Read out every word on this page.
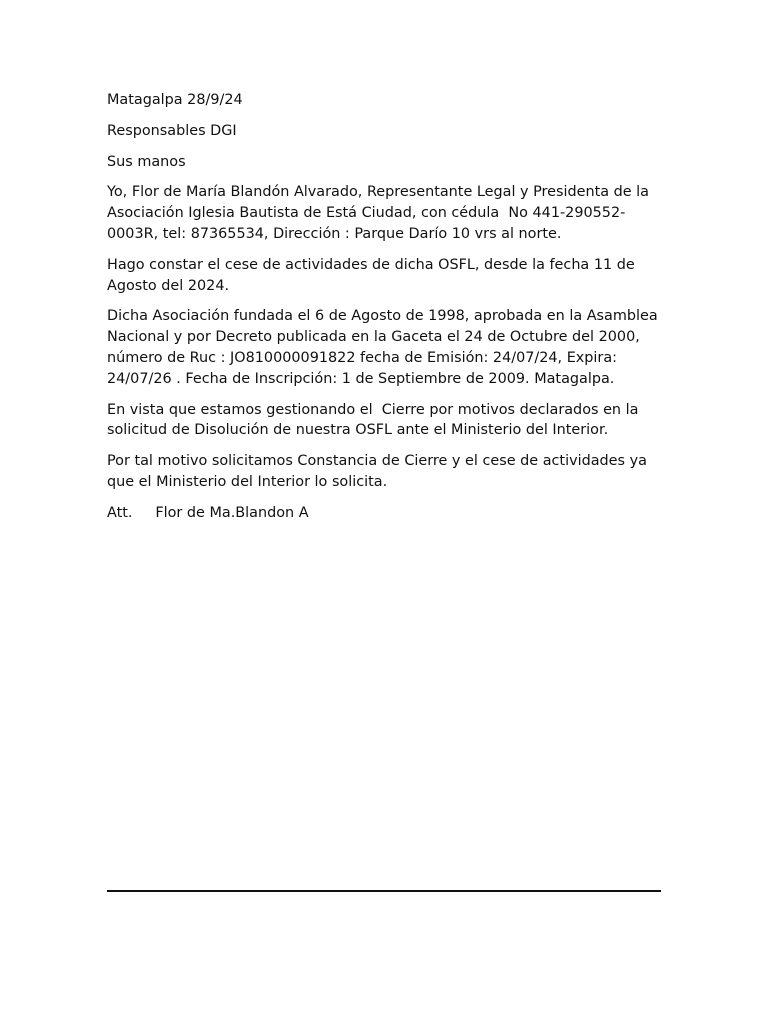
Matagalpa 28/9/24

Responsables DGI

Sus manos

Yo, Flor de María Blandón Alvarado, Representante Legal y Presidenta de la Asociación Iglesia Bautista de Está Ciudad, con cédula  No 441-290552-0003R, tel: 87365534, Dirección : Parque Darío 10 vrs al norte.

Hago constar el cese de actividades de dicha OSFL, desde la fecha 11 de Agosto del 2024.

Dicha Asociación fundada el 6 de Agosto de 1998, aprobada en la Asamblea Nacional y por Decreto publicada en la Gaceta el 24 de Octubre del 2000, número de Ruc : JO810000091822 fecha de Emisión: 24/07/24, Expira: 24/07/26 . Fecha de Inscripción: 1 de Septiembre de 2009. Matagalpa.

En vista que estamos gestionando el  Cierre por motivos declarados en la solicitud de Disolución de nuestra OSFL ante el Ministerio del Interior.

Por tal motivo solicitamos Constancia de Cierre y el cese de actividades ya que el Ministerio del Interior lo solicita.

Att.     Flor de Ma.Blandon A
